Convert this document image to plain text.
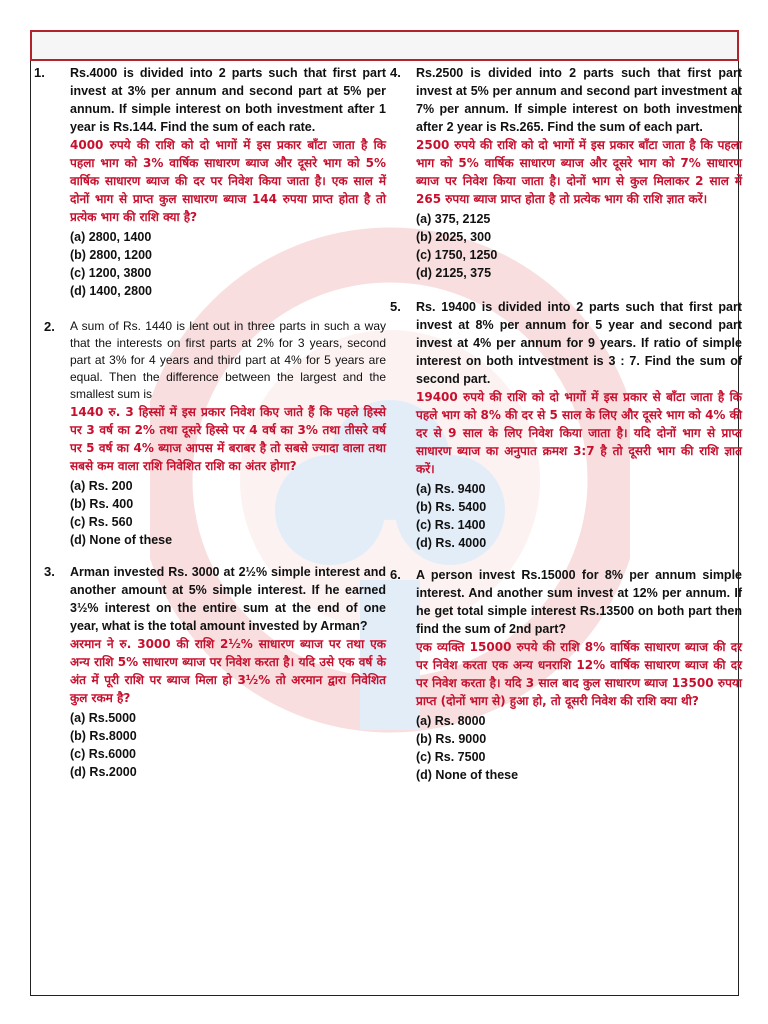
1. Rs.4000 is divided into 2 parts such that first part invest at 3% per annum and second part at 5% per annum. If simple interest on both investment after 1 year is Rs.144. Find the sum of each rate.
4000 रुपये की राशि को दो भागों में इस प्रकार बाँटा जाता है कि पहला भाग को 3% वार्षिक साधारण ब्याज और दूसरे भाग को 5% वार्षिक साधारण ब्याज की दर पर निवेश किया जाता है। एक साल में दोनों भाग से प्राप्त कुल साधारण ब्याज 144 रुपया प्राप्त होता है तो प्रत्येक भाग की राशि क्या है?
(a) 2800, 1400
(b) 2800, 1200
(c) 1200, 3800
(d) 1400, 2800
2. A sum of Rs. 1440 is lent out in three parts in such a way that the interests on first parts at 2% for 3 years, second part at 3% for 4 years and third part at 4% for 5 years are equal. Then the difference between the largest and the smallest sum is
1440 रु. 3 हिस्सों में इस प्रकार निवेश किए जाते हैं कि पहले हिस्से पर 3 वर्ष का 2% तथा दूसरे हिस्से पर 4 वर्ष का 3% तथा तीसरे वर्ष पर 5 वर्ष का 4% ब्याज आपस में बराबर है तो सबसे ज्यादा वाला तथा सबसे कम वाला राशि निवेशित राशि का अंतर होगा?
(a) Rs. 200
(b) Rs. 400
(c) Rs. 560
(d) None of these
3. Arman invested Rs. 3000 at 2½% simple interest and another amount at 5% simple interest. If he earned 3½% interest on the entire sum at the end of one year, what is the total amount invested by Arman?
अरमान ने रु. 3000 की राशि 2½% साधारण ब्याज पर तथा एक अन्य राशि 5% साधारण ब्याज पर निवेश करता है। यदि उसे एक वर्ष के अंत में पूरी राशि पर ब्याज मिला हो 3½% तो अरमान द्वारा निवेशित कुल रकम है?
(a) Rs.5000
(b) Rs.8000
(c) Rs.6000
(d) Rs.2000
4. Rs.2500 is divided into 2 parts such that first part invest at 5% per annum and second part investment at 7% per annum. If simple interest on both investment after 2 year is Rs.265. Find the sum of each part.
2500 रुपये की राशि को दो भागों में इस प्रकार बाँटा जाता है कि पहला भाग को 5% वार्षिक साधारण ब्याज और दूसरे भाग को 7% साधारण ब्याज पर निवेश किया जाता है। दोनों भाग से कुल मिलाकर 2 साल में 265 रुपया ब्याज प्राप्त होता है तो प्रत्येक भाग की राशि ज्ञात करें।
(a) 375, 2125
(b) 2025, 300
(c) 1750, 1250
(d) 2125, 375
5. Rs. 19400 is divided into 2 parts such that first part invest at 8% per annum for 5 year and second part invest at 4% per annum for 9 years. If ratio of simple interest on both intvestment is 3 : 7. Find the sum of second part.
19400 रुपये की राशि को दो भागों में इस प्रकार से बाँटा जाता है कि पहले भाग को 8% की दर से 5 साल के लिए और दूसरे भाग को 4% की दर से 9 साल के लिए निवेश किया जाता है। यदि दोनों भाग से प्राप्त साधारण ब्याज का अनुपात क्रमश 3:7 है तो दूसरी भाग की राशि ज्ञात करें।
(a) Rs. 9400
(b) Rs. 5400
(c) Rs. 1400
(d) Rs. 4000
6. A person invest Rs.15000 for 8% per annum simple interest. And another sum invest at 12% per annum. If he get total simple interest Rs.13500 on both part then find the sum of 2nd part?
एक व्यक्ति 15000 रुपये की राशि 8% वार्षिक साधारण ब्याज की दर पर निवेश करता एक अन्य धनराशि 12% वार्षिक साधारण ब्याज की दर पर निवेश करता है। यदि 3 साल बाद कुल साधारण ब्याज 13500 रुपया प्राप्त (दोनों भाग से) हुआ हो, तो दूसरी निवेश की राशि क्या थी?
(a) Rs. 8000
(b) Rs. 9000
(c) Rs. 7500
(d) None of these
